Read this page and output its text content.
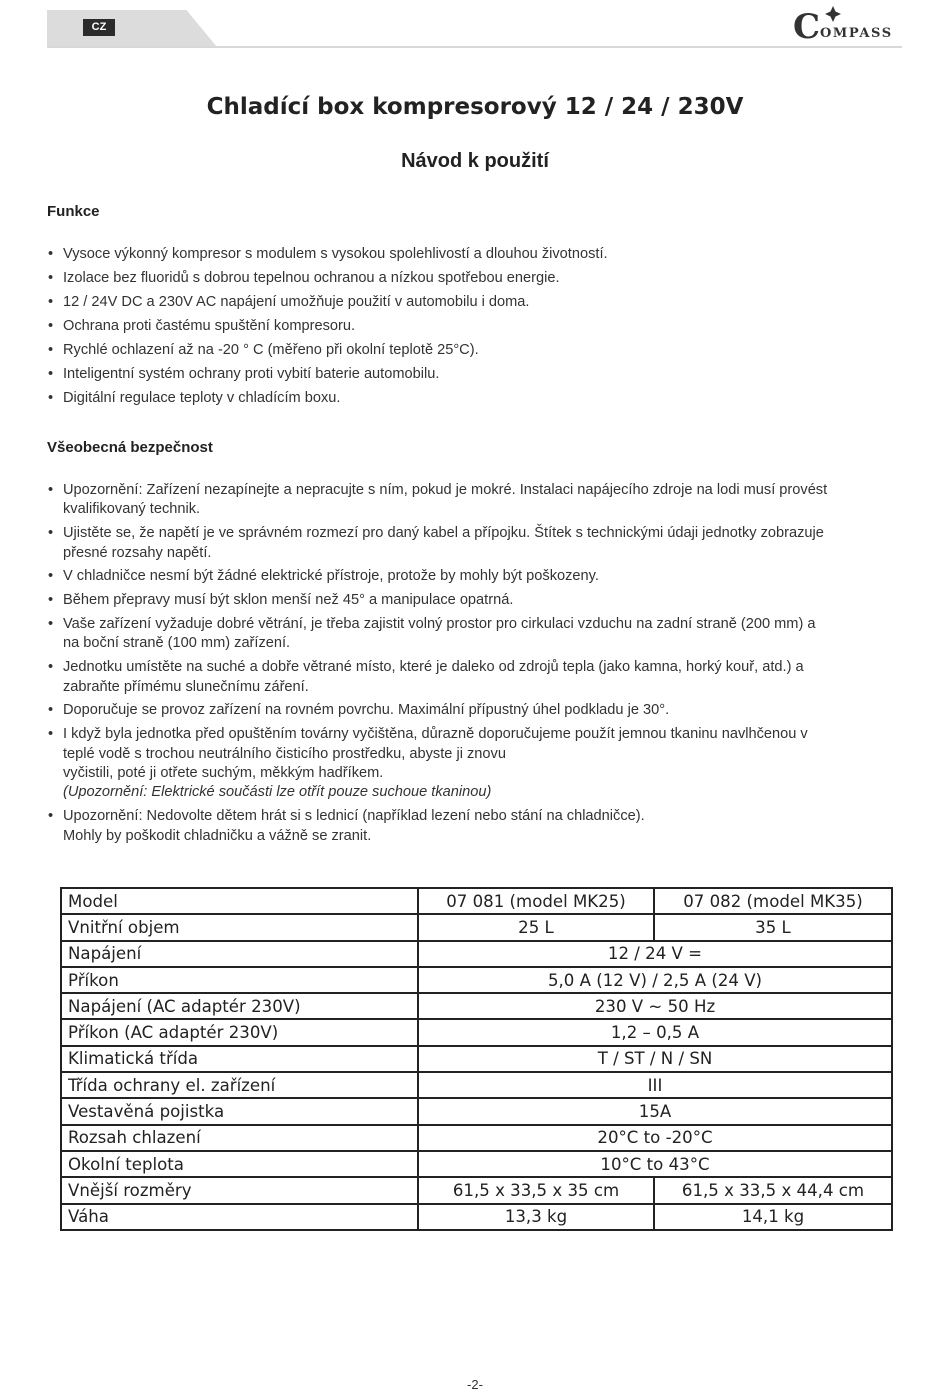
CZ	C OMPASS
Chladící box kompresorový 12 / 24 / 230V
Návod k použití
Funkce
• Vysoce výkonný kompresor s modulem s vysokou spolehlivostí a dlouhou životností.
• Izolace bez fluoridů s dobrou tepelnou ochranou a nízkou spotřebou energie.
• 12 / 24V DC a 230V AC napájení umožňuje použití v automobilu i doma.
• Ochrana proti častému spuštění kompresoru.
• Rychlé ochlazení až na -20 ° C (měřeno při okolní teplotě 25°C).
• Inteligentní systém ochrany proti vybití baterie automobilu.
• Digitální regulace teploty v chladícím boxu.
Všeobecná bezpečnost
• Upozornění: Zařízení nezapínejte a nepracujte s ním, pokud je mokré. Instalaci napájecího zdroje na lodi musí provést
kvalifikovaný technik.
• Ujistěte se, že napětí je ve správném rozmezí pro daný kabel a přípojku. Štítek s technickými údaji jednotky zobrazuje
přesné rozsahy napětí.
• V chladničce nesmí být žádné elektrické přístroje, protože by mohly být poškozeny.
• Během přepravy musí být sklon menší než 45° a manipulace opatrná.
• Vaše zařízení vyžaduje dobré větrání, je třeba zajistit volný prostor pro cirkulaci vzduchu na zadní straně (200 mm) a
na boční straně (100 mm) zařízení.
• Jednotku umístěte na suché a dobře větrané místo, které je daleko od zdrojů tepla (jako kamna, horký kouř, atd.) a
zabraňte přímému slunečnímu záření.
• Doporučuje se provoz zařízení na rovném povrchu. Maximální přípustný úhel podkladu je 30°.
• I když byla jednotka před opuštěním továrny vyčištěna, důrazně doporučujeme použít jemnou tkaninu navlhčenou v
teplé vodě s trochou neutrálního čisticího prostředku, abyste ji znovu
vyčistili, poté ji otřete suchým, měkkým hadříkem.
(Upozornění: Elektrické součásti lze otřít pouze suchoue tkaninou)
• Upozornění: Nedovolte dětem hrát si s lednicí (například lezení nebo stání na chladničce).
Mohly by poškodit chladničku a vážně se zranit.
Model	07 081 (model MK25)	07 082 (model MK35)
Vnitřní objem	25 L	35 L
Napájení	12 / 24 V =	
Příkon	5,0 A (12 V) / 2,5 A (24 V)	
Napájení (AC adaptér 230V)	230 V ~ 50 Hz	
Příkon (AC adaptér 230V)	1,2 – 0,5 A	
Klimatická třída	T / ST / N / SN	
Třída ochrany el. zařízení	III	
Vestavěná pojistka	15A	
Rozsah chlazení	20°C to -20°C	
Okolní teplota	10°C to 43°C	
Vnější rozměry	61,5 x 33,5 x 35 cm	61,5 x 33,5 x 44,4 cm
Váha	13,3 kg	14,1 kg
-2-
